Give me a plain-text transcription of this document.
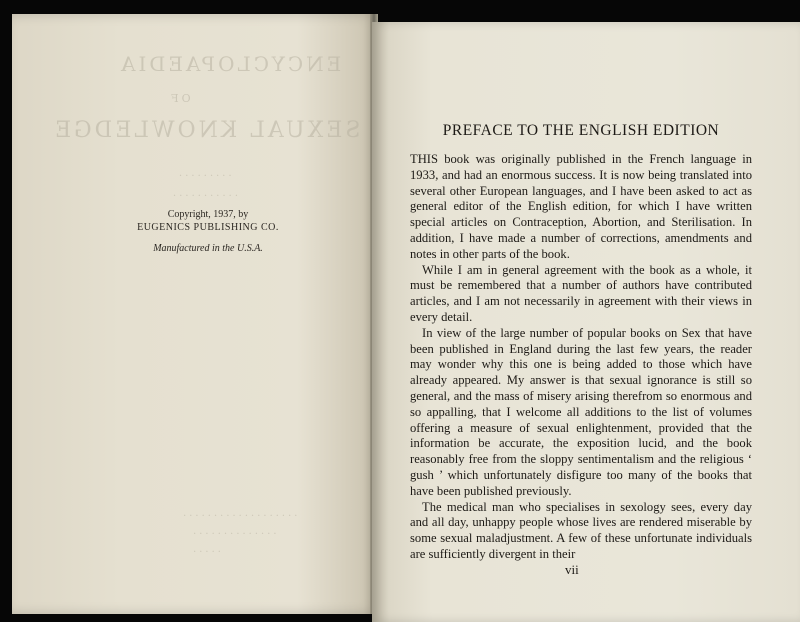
ENCYCLOPAEDIA
OF
SEXUAL KNOWLEDGE
.........
...........
...................
..............
.....
Copyright, 1937, by
EUGENICS PUBLISHING CO.
Manufactured in the U.S.A.
PREFACE TO THE ENGLISH EDITION

THIS book was originally published in the French language in 1933, and had an enormous success. It is now being translated into several other European languages, and I have been asked to act as general editor of the English edition, for which I have written special articles on Contraception, Abortion, and Sterilisation. In addition, I have made a number of corrections, amendments and notes in other parts of the book.

While I am in general agreement with the book as a whole, it must be remembered that a number of authors have contributed articles, and I am not necessarily in agreement with their views in every detail.

In view of the large number of popular books on Sex that have been published in England during the last few years, the reader may wonder why this one is being added to those which have already appeared. My answer is that sexual ignorance is still so general, and the mass of misery arising therefrom so enormous and so appalling, that I welcome all additions to the list of volumes offering a measure of sexual enlightenment, provided that the information be accurate, the exposition lucid, and the book reasonably free from the sloppy sentimentalism and the religious ‘ gush ’ which unfortunately disfigure too many of the books that have been published previously.

The medical man who specialises in sexology sees, every day and all day, unhappy people whose lives are rendered miserable by some sexual maladjustment. A few of these unfortunate individuals are sufficiently divergent in their

vii
